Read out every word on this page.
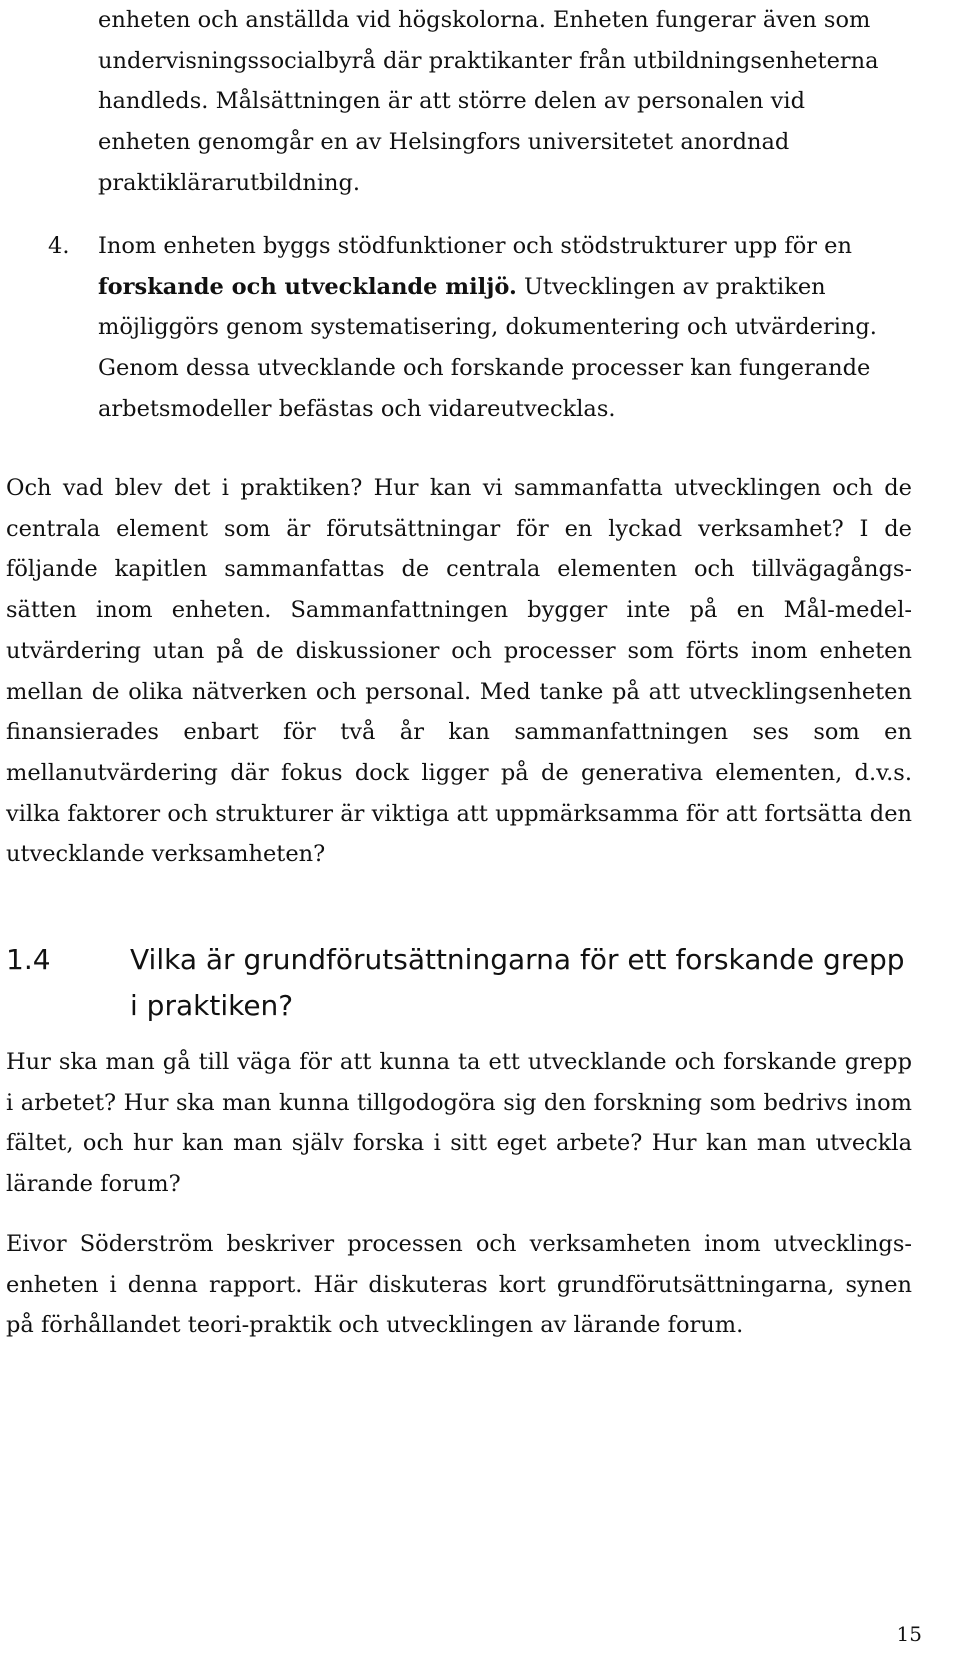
enheten och anställda vid högskolorna. Enheten fungerar även som undervisningssocialbyrå där praktikanter från utbildningsenheterna handleds. Målsättningen är att större delen av personalen vid enheten genomgår en av Helsingfors universitetet anordnad praktiklärarutbildning.

4. Inom enheten byggs stödfunktioner och stödstrukturer upp för en forskande och utvecklande miljö. Utvecklingen av praktiken möjliggörs genom systematisering, dokumentering och utvärdering. Genom dessa utvecklande och forskande processer kan fungerande arbetsmodeller befästas och vidareutvecklas.

Och vad blev det i praktiken? Hur kan vi sammanfatta utvecklingen och de centrala element som är förutsättningar för en lyckad verksamhet? I de följande kapitlen sammanfattas de centrala elementen och tillvägagångs-sätten inom enheten. Sammanfattningen bygger inte på en Mål-medel-utvärdering utan på de diskussioner och processer som förts inom enheten mellan de olika nätverken och personal. Med tanke på att utvecklingsenheten finansierades enbart för två år kan sammanfattningen ses som en mellanutvärdering där fokus dock ligger på de generativa elementen, d.v.s. vilka faktorer och strukturer är viktiga att uppmärksamma för att fortsätta den utvecklande verksamheten?

1.4	Vilka är grundförutsättningarna för ett forskande grepp i praktiken?

Hur ska man gå till väga för att kunna ta ett utvecklande och forskande grepp i arbetet? Hur ska man kunna tillgodogöra sig den forskning som bedrivs inom fältet, och hur kan man själv forska i sitt eget arbete? Hur kan man utveckla lärande forum?

Eivor Söderström beskriver processen och verksamheten inom utvecklings-enheten i denna rapport. Här diskuteras kort grundförutsättningarna, synen på förhållandet teori-praktik och utvecklingen av lärande forum.

15
